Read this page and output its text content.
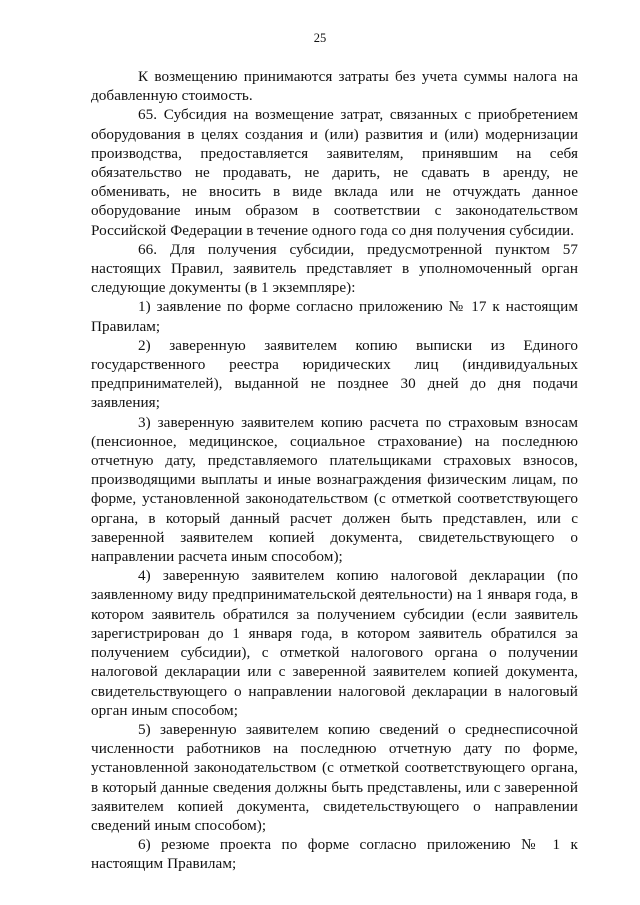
25

К возмещению принимаются затраты без учета суммы налога на добавленную стоимость.

65. Субсидия на возмещение затрат, связанных с приобретением оборудования в целях создания и (или) развития и (или) модернизации производства, предоставляется заявителям, принявшим на себя обязательство не продавать, не дарить, не сдавать в аренду, не обменивать, не вносить в виде вклада или не отчуждать данное оборудование иным образом в соответствии с законодательством Российской Федерации в течение одного года со дня получения субсидии.

66. Для получения субсидии, предусмотренной пунктом 57 настоящих Правил, заявитель представляет в уполномоченный орган следующие документы (в 1 экземпляре):

1) заявление по форме согласно приложению № 17 к настоящим Правилам;

2) заверенную заявителем копию выписки из Единого государственного реестра юридических лиц (индивидуальных предпринимателей), выданной не позднее 30 дней до дня подачи заявления;

3) заверенную заявителем копию расчета по страховым взносам (пенсионное, медицинское, социальное страхование) на последнюю отчетную дату, представляемого плательщиками страховых взносов, производящими выплаты и иные вознаграждения физическим лицам, по форме, установленной законодательством (с отметкой соответствующего органа, в который данный расчет должен быть представлен, или с заверенной заявителем копией документа, свидетельствующего о направлении расчета иным способом);

4) заверенную заявителем копию налоговой декларации (по заявленному виду предпринимательской деятельности) на 1 января года, в котором заявитель обратился за получением субсидии (если заявитель зарегистрирован до 1 января года, в котором заявитель обратился за получением субсидии), с отметкой налогового органа о получении налоговой декларации или с заверенной заявителем копией документа, свидетельствующего о направлении налоговой декларации в налоговый орган иным способом;

5) заверенную заявителем копию сведений о среднесписочной численности работников на последнюю отчетную дату по форме, установленной законодательством (с отметкой соответствующего органа, в который данные сведения должны быть представлены, или с заверенной заявителем копией документа, свидетельствующего о направлении сведений иным способом);

6) резюме проекта по форме согласно приложению № 1 к настоящим Правилам;
